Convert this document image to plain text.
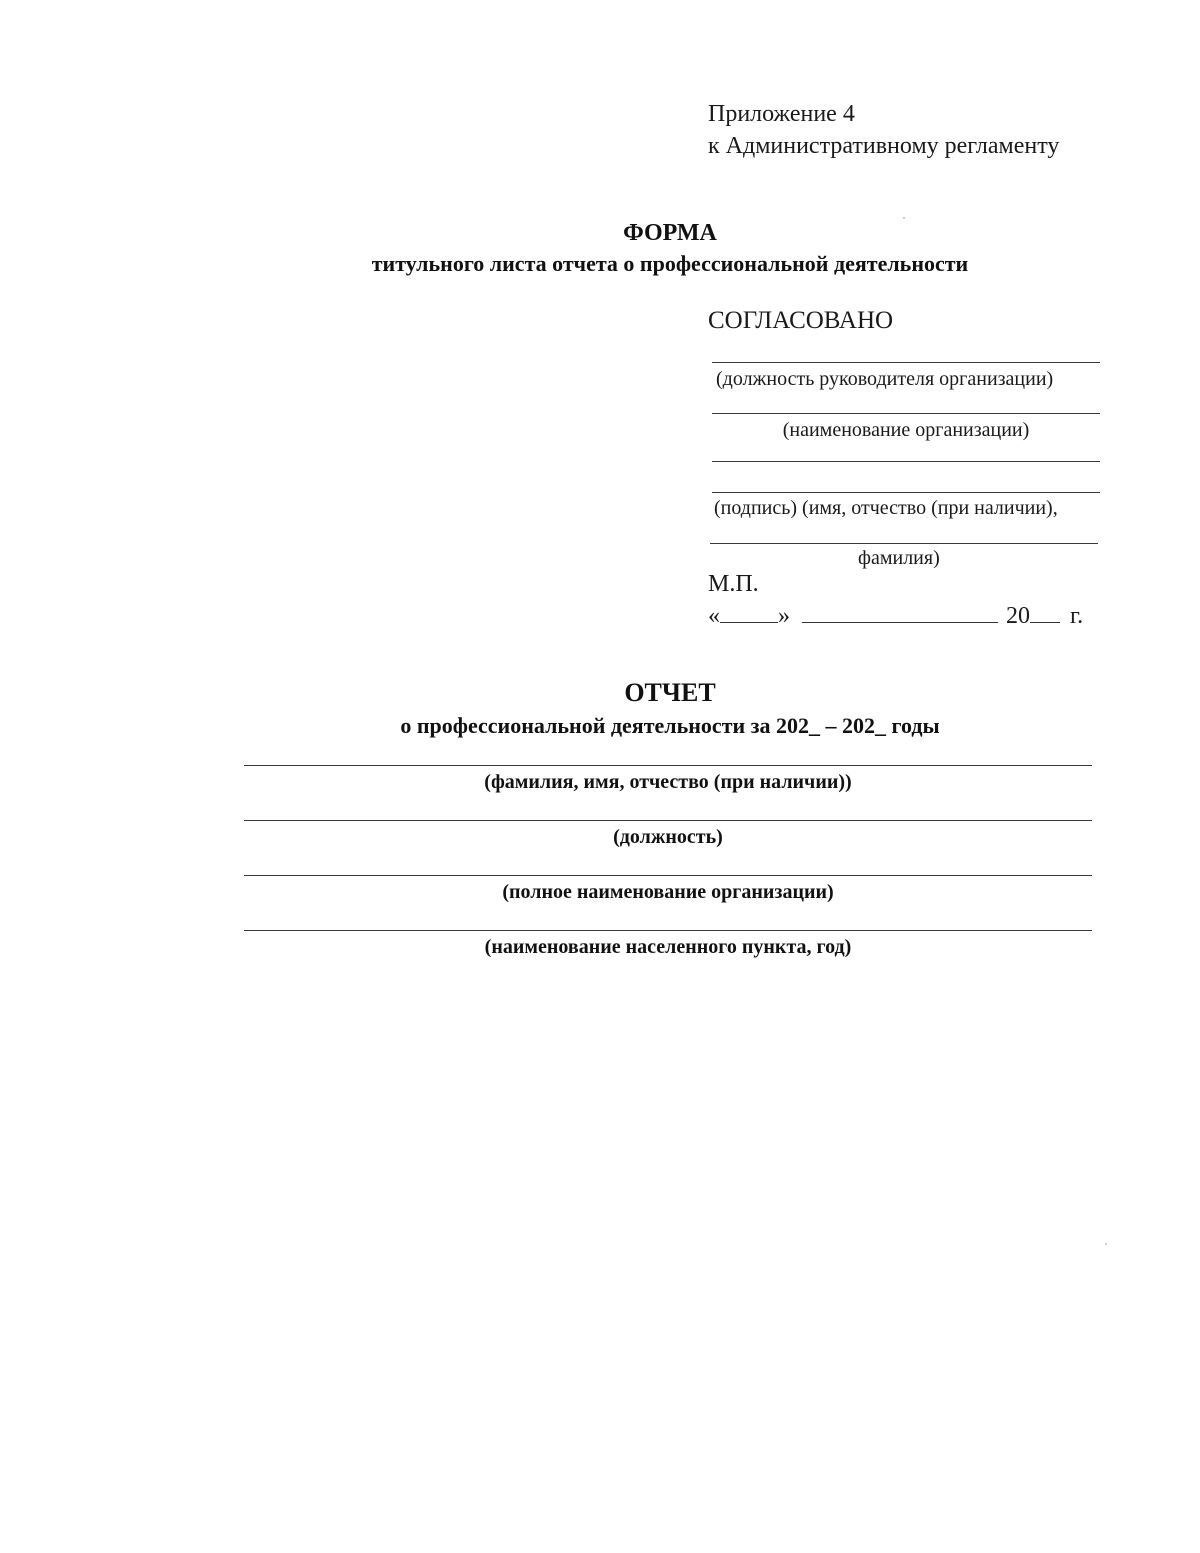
Приложение 4
к Административному регламенту
ФОРМА
титульного листа отчета о профессиональной деятельности
СОГЛАСОВАНО
(должность руководителя организации)
(наименование организации)
(подпись) (имя, отчество (при наличии),
фамилия)
М.П.
« »	20 г.
ОТЧЕТ
о профессиональной деятельности за 202_ – 202_ годы
(фамилия, имя, отчество (при наличии))
(должность)
(полное наименование организации)
(наименование населенного пункта, год)
